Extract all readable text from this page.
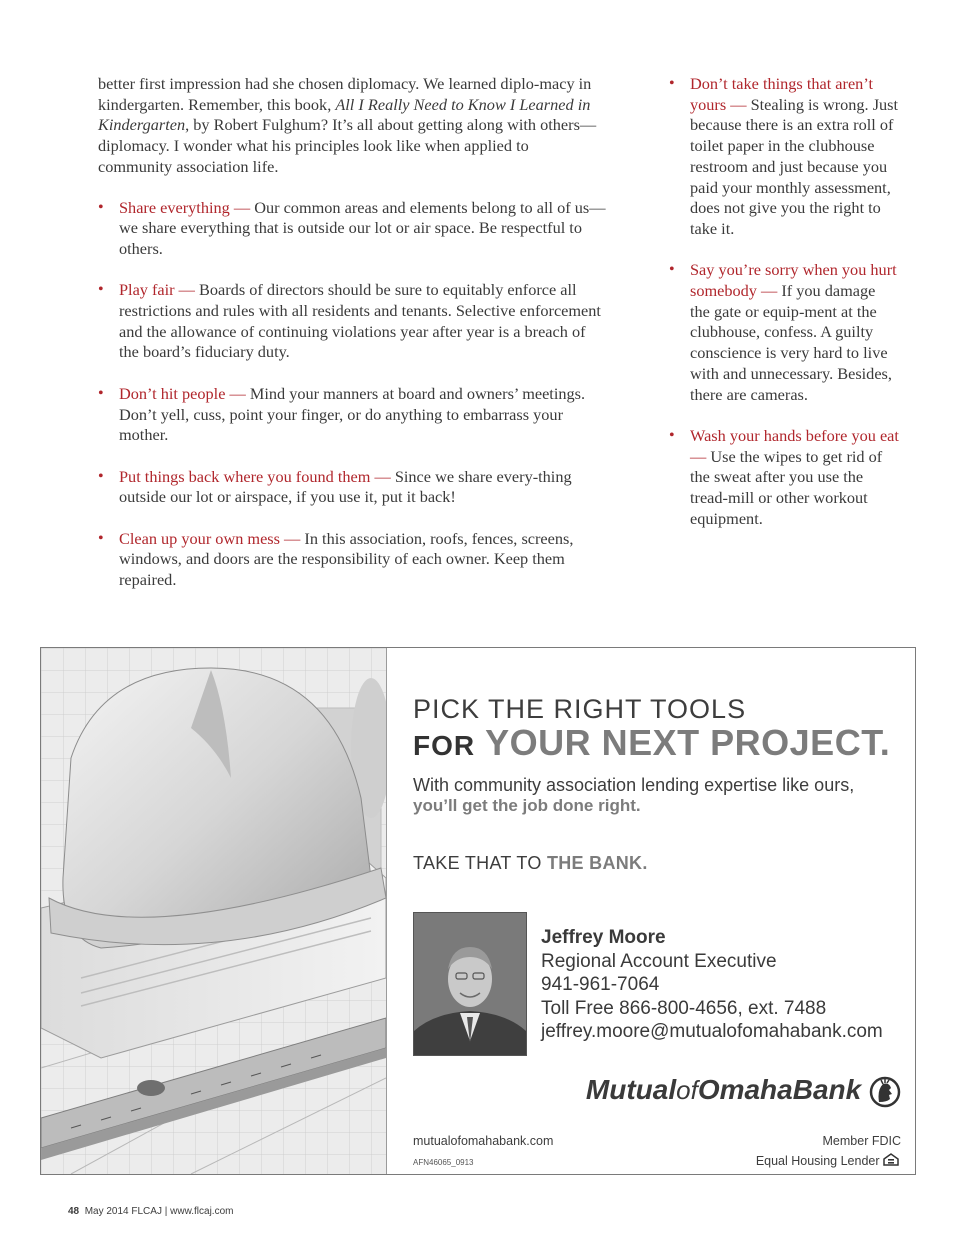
better first impression had she chosen diplomacy. We learned diplo-macy in kindergarten. Remember, this book, All I Really Need to Know I Learned in Kindergarten, by Robert Fulghum? It’s all about getting along with others—diplomacy. I wonder what his principles look like when applied to community association life.

• Share everything — Our common areas and elements belong to all of us—we share everything that is outside our lot or air space. Be respectful to others.
• Play fair — Boards of directors should be sure to equitably enforce all restrictions and rules with all residents and tenants. Selective enforcement and the allowance of continuing violations year after year is a breach of the board’s fiduciary duty.
• Don’t hit people — Mind your manners at board and owners’ meetings. Don’t yell, cuss, point your finger, or do anything to embarrass your mother.
• Put things back where you found them — Since we share every-thing outside our lot or airspace, if you use it, put it back!
• Clean up your own mess — In this association, roofs, fences, screens, windows, and doors are the responsibility of each owner. Keep them repaired.
• Don’t take things that aren’t yours — Stealing is wrong. Just because there is an extra roll of toilet paper in the clubhouse restroom and just because you paid your monthly assessment, does not give you the right to take it.
• Say you’re sorry when you hurt somebody — If you damage the gate or equip-ment at the clubhouse, confess. A guilty conscience is very hard to live with and unnecessary. Besides, there are cameras.
• Wash your hands before you eat — Use the wipes to get rid of the sweat after you use the tread-mill or other workout equipment.
PICK THE RIGHT TOOLS
FOR YOUR NEXT PROJECT.
With community association lending expertise like ours,
you’ll get the job done right.
TAKE THAT TO THE BANK.
Jeffrey Moore
Regional Account Executive
941-961-7064
Toll Free 866-800-4656, ext. 7488
jeffrey.moore@mutualofomahabank.com
MutualofOmahaBank
mutualofomahabank.com
AFN46065_0913
Member FDIC
Equal Housing Lender
48 May 2014 FLCAJ | www.flcaj.com
